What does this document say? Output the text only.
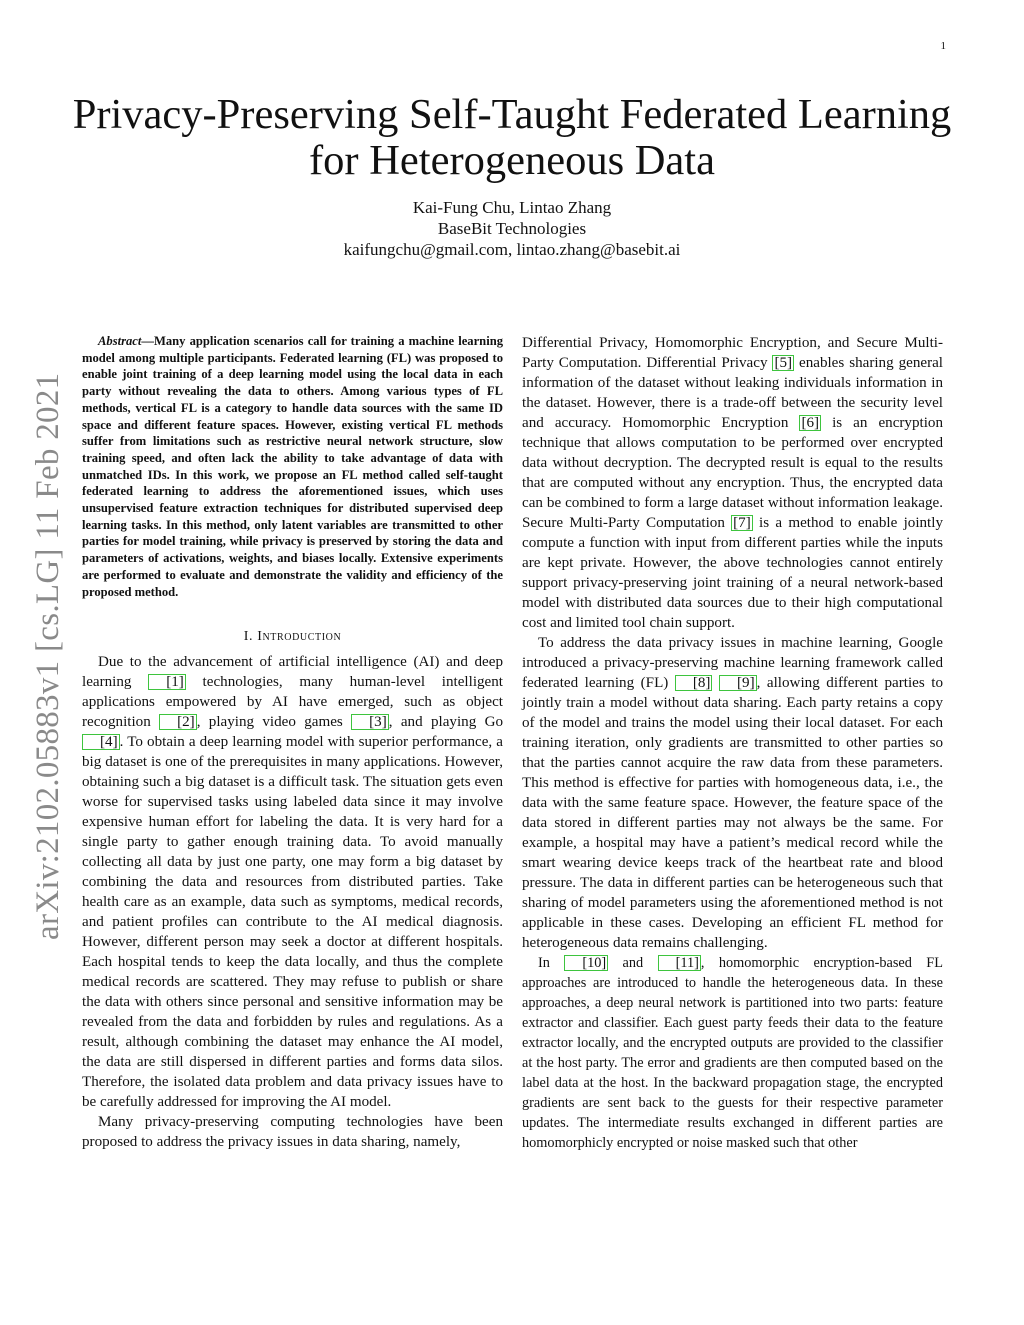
1
arXiv:2102.05883v1 [cs.LG] 11 Feb 2021
Privacy-Preserving Self-Taught Federated Learning
for Heterogeneous Data
Kai-Fung Chu, Lintao Zhang
BaseBit Technologies
kaifungchu@gmail.com, lintao.zhang@basebit.ai

Abstract—Many application scenarios call for training a machine learning model among multiple participants. Federated learning (FL) was proposed to enable joint training of a deep learning model using the local data in each party without revealing the data to others. Among various types of FL methods, vertical FL is a category to handle data sources with the same ID space and different feature spaces. However, existing vertical FL methods suffer from limitations such as restrictive neural network structure, slow training speed, and often lack the ability to take advantage of data with unmatched IDs. In this work, we propose an FL method called self-taught federated learning to address the aforementioned issues, which uses unsupervised feature extraction techniques for distributed supervised deep learning tasks. In this method, only latent variables are transmitted to other parties for model training, while privacy is preserved by storing the data and parameters of activations, weights, and biases locally. Extensive experiments are performed to evaluate and demonstrate the validity and efficiency of the proposed method.

I. Introduction

Due to the advancement of artificial intelligence (AI) and deep learning [1] technologies, many human-level intelligent applications empowered by AI have emerged, such as object recognition [2] , playing video games [3] , and playing Go [4] . To obtain a deep learning model with superior performance, a big dataset is one of the prerequisites in many applications. However, obtaining such a big dataset is a difficult task. The situation gets even worse for supervised tasks using labeled data since it may involve expensive human effort for labeling the data. It is very hard for a single party to gather enough training data. To avoid manually collecting all data by just one party, one may form a big dataset by combining the data and resources from distributed parties. Take health care as an example, data such as symptoms, medical records, and patient profiles can contribute to the AI medical diagnosis. However, different person may seek a doctor at different hospitals. Each hospital tends to keep the data locally, and thus the complete medical records are scattered. They may refuse to publish or share the data with others since personal and sensitive information may be revealed from the data and forbidden by rules and regulations. As a result, although combining the dataset may enhance the AI model, the data are still dispersed in different parties and forms data silos. Therefore, the isolated data problem and data privacy issues have to be carefully addressed for improving the AI model.

Many privacy-preserving computing technologies have been proposed to address the privacy issues in data sharing, namely,

Differential Privacy, Homomorphic Encryption, and Secure Multi-Party Computation. Differential Privacy [5] enables sharing general information of the dataset without leaking individuals information in the dataset. However, there is a trade-off between the security level and accuracy. Homomorphic Encryption [6] is an encryption technique that allows computation to be performed over encrypted data without decryption. The decrypted result is equal to the results that are computed without any encryption. Thus, the encrypted data can be combined to form a large dataset without information leakage. Secure Multi-Party Computation [7] is a method to enable jointly compute a function with input from different parties while the inputs are kept private. However, the above technologies cannot entirely support privacy-preserving joint training of a neural network-based model with distributed data sources due to their high computational cost and limited tool chain support.

To address the data privacy issues in machine learning, Google introduced a privacy-preserving machine learning framework called federated learning (FL) [8] [9] , allowing different parties to jointly train a model without data sharing. Each party retains a copy of the model and trains the model using their local dataset. For each training iteration, only gradients are transmitted to other parties so that the parties cannot acquire the raw data from these parameters. This method is effective for parties with homogeneous data, i.e., the data with the same feature space. However, the feature space of the data stored in different parties may not always be the same. For example, a hospital may have a patient’s medical record while the smart wearing device keeps track of the heartbeat rate and blood pressure. The data in different parties can be heterogeneous such that sharing of model parameters using the aforementioned method is not applicable in these cases. Developing an efficient FL method for heterogeneous data remains challenging.

In [10] and [11] , homomorphic encryption-based FL approaches are introduced to handle the heterogeneous data. In these approaches, a deep neural network is partitioned into two parts: feature extractor and classifier. Each guest party feeds their data to the feature extractor locally, and the encrypted outputs are provided to the classifier at the host party. The error and gradients are then computed based on the label data at the host. In the backward propagation stage, the encrypted gradients are sent back to the guests for their respective parameter updates. The intermediate results exchanged in different parties are homomorphicly encrypted or noise masked such that other
